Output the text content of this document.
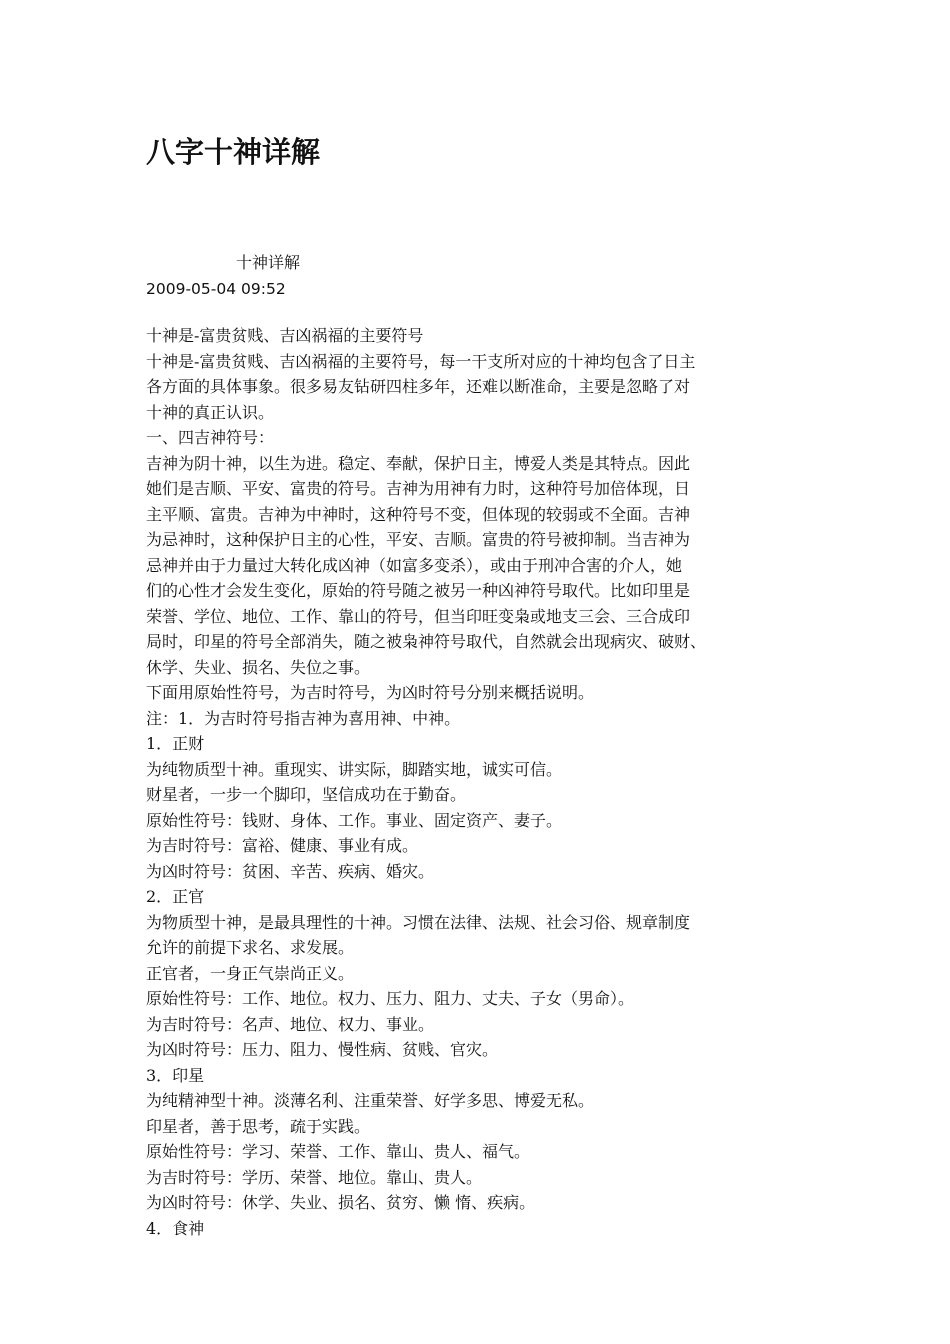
八字十神详解
十神详解
2009-05-04 09:52
十神是-富贵贫贱、吉凶祸福的主要符号
十神是-富贵贫贱、吉凶祸福的主要符号，每一干支所对应的十神均包含了日主
各方面的具体事象。很多易友钻研四柱多年，还难以断准命，主要是忽略了对
十神的真正认识。
一、四吉神符号：
吉神为阴十神，以生为进。稳定、奉献，保护日主，博爱人类是其特点。因此
她们是吉顺、平安、富贵的符号。吉神为用神有力时，这种符号加倍体现，日
主平顺、富贵。吉神为中神时，这种符号不变，但体现的较弱或不全面。吉神
为忌神时，这种保护日主的心性，平安、吉顺。富贵的符号被抑制。当吉神为
忌神并由于力量过大转化成凶神（如富多变杀），或由于刑冲合害的介人，她
们的心性才会发生变化，原始的符号随之被另一种凶神符号取代。比如印里是
荣誉、学位、地位、工作、靠山的符号，但当印旺变枭或地支三会、三合成印
局时，印星的符号全部消失，随之被枭神符号取代，自然就会出现病灾、破财、
休学、失业、损名、失位之事。
下面用原始性符号，为吉时符号，为凶时符号分别来概括说明。
注：1．为吉时符号指吉神为喜用神、中神。
1．正财
为纯物质型十神。重现实、讲实际，脚踏实地，诚实可信。
财星者，一步一个脚印，坚信成功在于勤奋。
原始性符号：钱财、身体、工作。事业、固定资产、妻子。
为吉时符号：富裕、健康、事业有成。
为凶时符号：贫困、辛苦、疾病、婚灾。
2．正官
为物质型十神，是最具理性的十神。习惯在法律、法规、社会习俗、规章制度
允许的前提下求名、求发展。
正官者，一身正气崇尚正义。
原始性符号：工作、地位。权力、压力、阻力、丈夫、子女（男命）。
为吉时符号：名声、地位、权力、事业。
为凶时符号：压力、阻力、慢性病、贫贱、官灾。
3．印星
为纯精神型十神。淡薄名利、注重荣誉、好学多思、博爱无私。
印星者，善于思考，疏于实践。
原始性符号：学习、荣誉、工作、靠山、贵人、福气。
为吉时符号：学历、荣誉、地位。靠山、贵人。
为凶时符号：休学、失业、损名、贫穷、懒 惰、疾病。
4．食神
